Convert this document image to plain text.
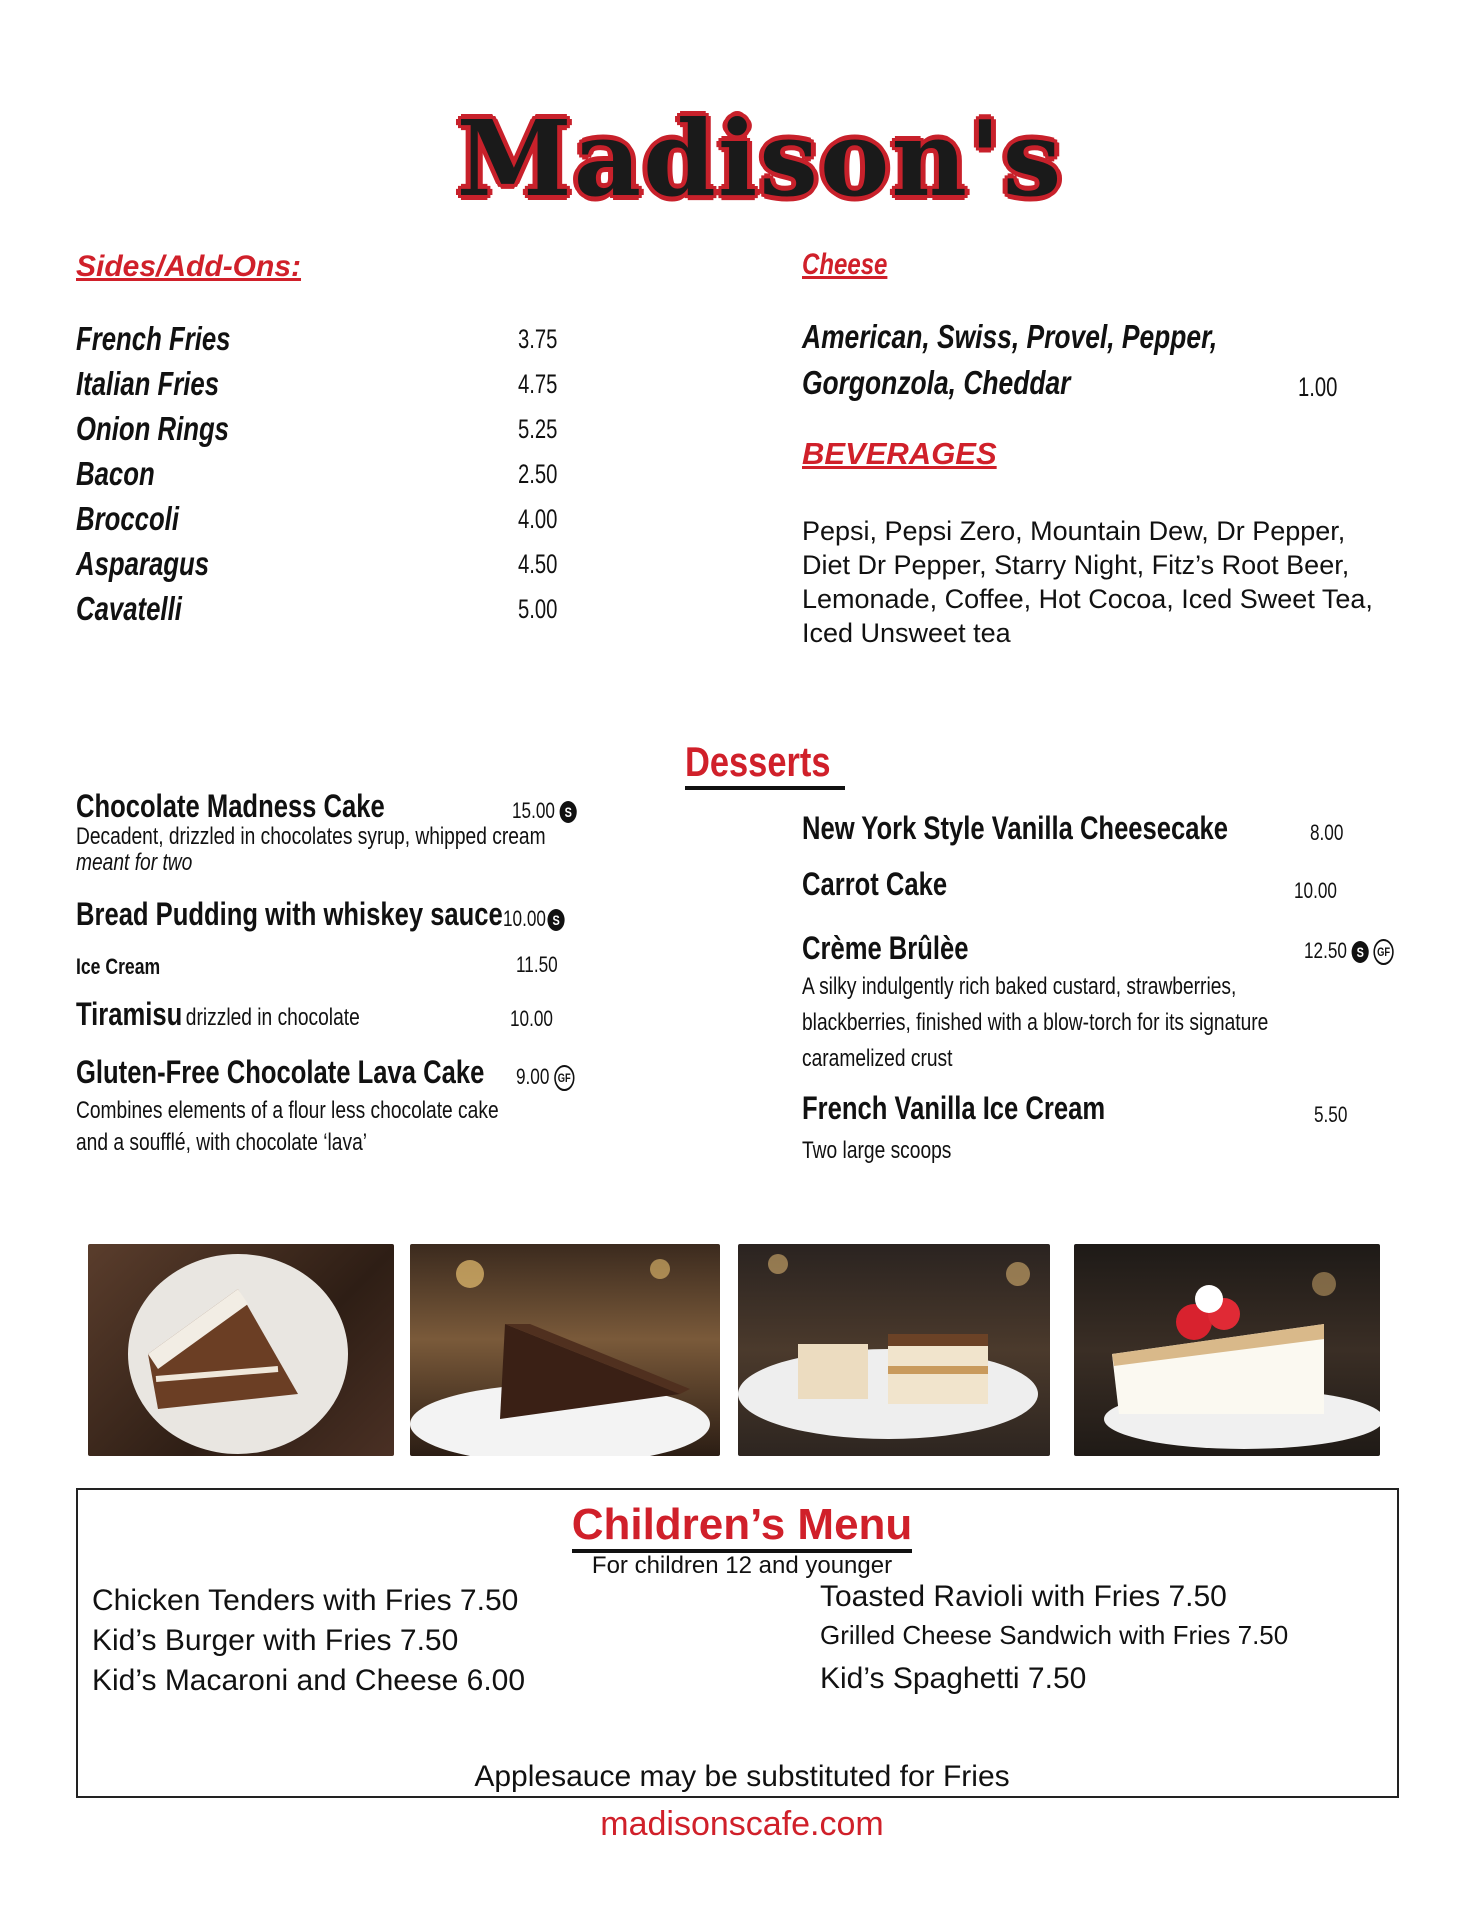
Madison's
Sides/Add-Ons:
French Fries	3.75
Italian Fries	4.75
Onion Rings	5.25
Bacon	2.50
Broccoli	4.00
Asparagus	4.50
Cavatelli	5.00
Cheese
American, Swiss, Provel, Pepper,
Gorgonzola, Cheddar	1.00
BEVERAGES
Pepsi, Pepsi Zero, Mountain Dew, Dr Pepper,
Diet Dr Pepper, Starry Night, Fitz’s Root Beer,
Lemonade, Coffee, Hot Cocoa, Iced Sweet Tea,
Iced Unsweet tea
Desserts
Chocolate Madness Cake	15.00 S
Decadent, drizzled in chocolates syrup, whipped cream
meant for two
Bread Pudding with whiskey sauce 10.00 S
Ice Cream	11.50
Tiramisu drizzled in chocolate	10.00
Gluten-Free Chocolate Lava Cake 9.00 GF
Combines elements of a flour less chocolate cake
and a soufflé, with chocolate ‘lava’
New York Style Vanilla Cheesecake	8.00
Carrot Cake	10.00
Crème Brûlèe	12.50 S GF
A silky indulgently rich baked custard, strawberries,
blackberries, finished with a blow-torch for its signature
caramelized crust
French Vanilla Ice Cream	5.50
Two large scoops
Children’s Menu
For children 12 and younger
Chicken Tenders with Fries 7.50
Kid’s Burger with Fries 7.50
Kid’s Macaroni and Cheese 6.00
Toasted Ravioli with Fries 7.50
Grilled Cheese Sandwich with Fries 7.50
Kid’s Spaghetti 7.50
Applesauce may be substituted for Fries
madisonscafe.com
